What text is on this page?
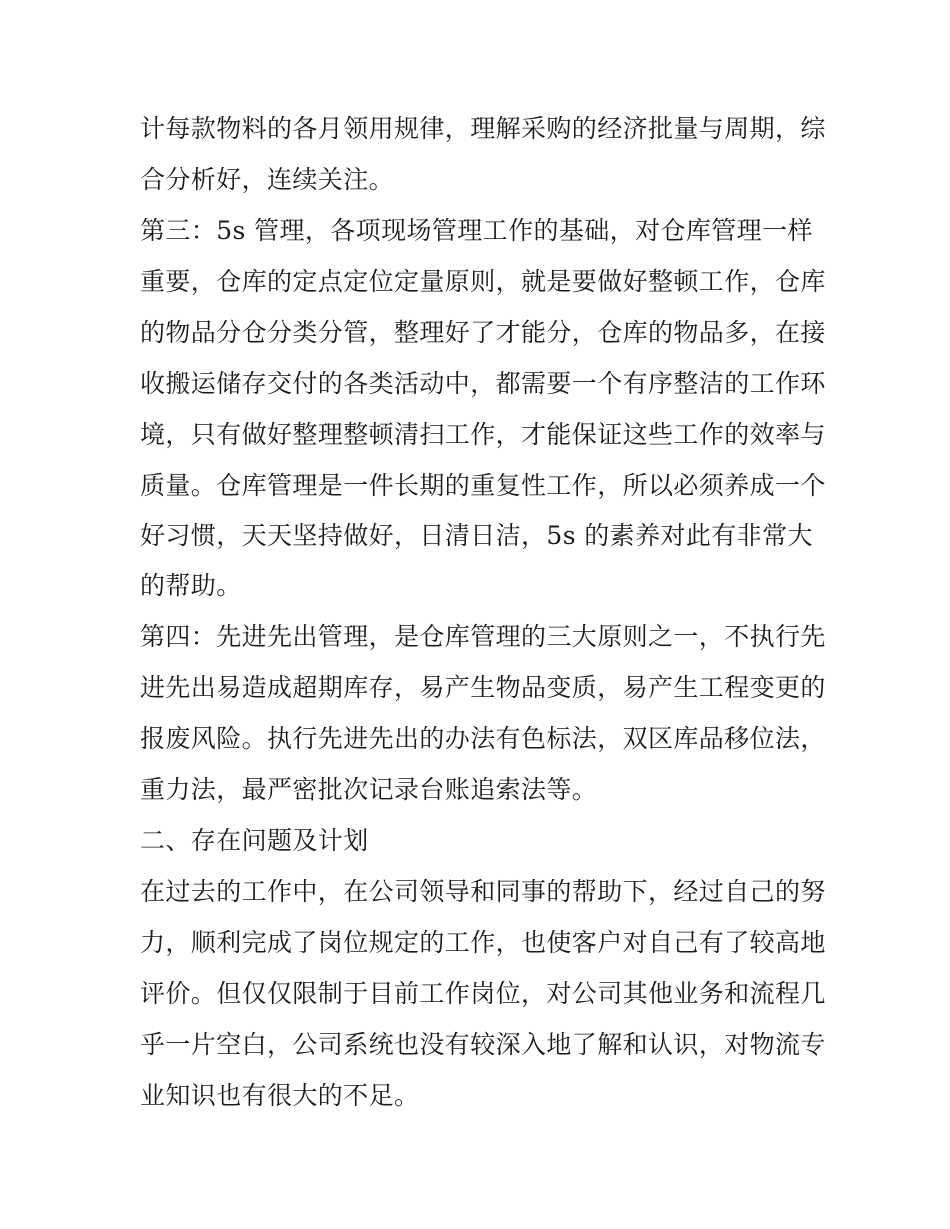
计每款物料的各月领用规律，理解采购的经济批量与周期，综
合分析好，连续关注。
第三：5s 管理，各项现场管理工作的基础，对仓库管理一样
重要，仓库的定点定位定量原则，就是要做好整顿工作，仓库
的物品分仓分类分管，整理好了才能分，仓库的物品多，在接
收搬运储存交付的各类活动中，都需要一个有序整洁的工作环
境，只有做好整理整顿清扫工作，才能保证这些工作的效率与
质量。仓库管理是一件长期的重复性工作，所以必须养成一个
好习惯，天天坚持做好，日清日洁，5s 的素养对此有非常大
的帮助。
第四：先进先出管理，是仓库管理的三大原则之一，不执行先
进先出易造成超期库存，易产生物品变质，易产生工程变更的
报废风险。执行先进先出的办法有色标法，双区库品移位法，
重力法，最严密批次记录台账追索法等。
二、存在问题及计划
在过去的工作中，在公司领导和同事的帮助下，经过自己的努
力，顺利完成了岗位规定的工作，也使客户对自己有了较高地
评价。但仅仅限制于目前工作岗位，对公司其他业务和流程几
乎一片空白，公司系统也没有较深入地了解和认识，对物流专
业知识也有很大的不足。
